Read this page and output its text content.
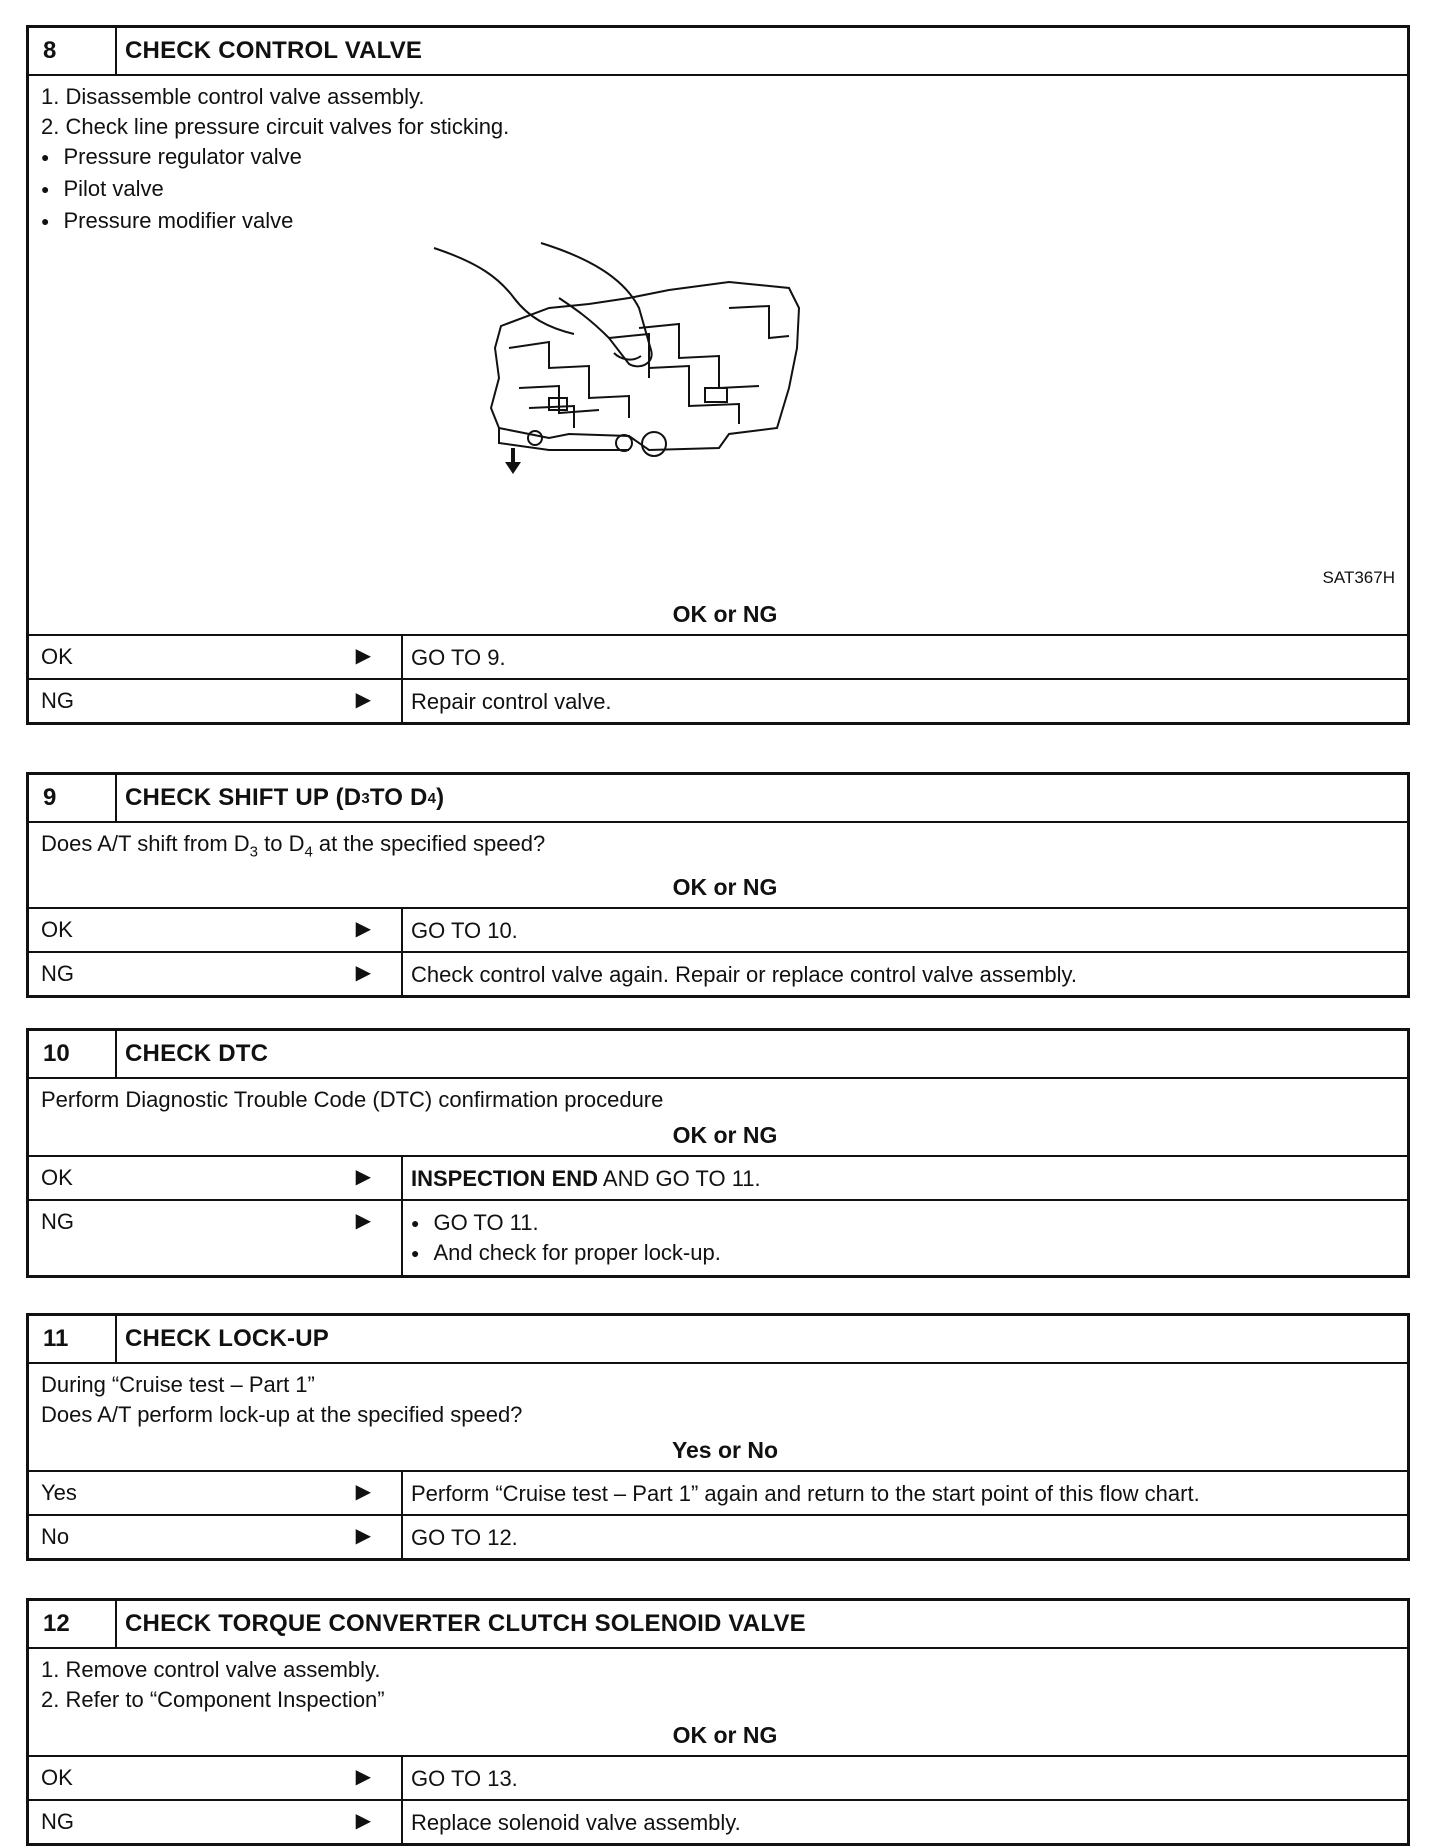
8	CHECK CONTROL VALVE
1. Disassemble control valve assembly.
2. Check line pressure circuit valves for sticking.
● Pressure regulator valve
● Pilot valve
● Pressure modifier valve
SAT367H
OK or NG
OK	▶	GO TO 9.
NG	▶	Repair control valve.
9	CHECK SHIFT UP (D 3 TO D 4 )
Does A/T shift from $D_3$ to $D_4$ at the specified speed?
OK or NG
OK	▶	GO TO 10.
NG	▶	Check control valve again. Repair or replace control valve assembly.
10	CHECK DTC
Perform Diagnostic Trouble Code (DTC) confirmation procedure
OK or NG
OK	▶	INSPECTION END AND GO TO 11.
NG	▶
●	GO TO 11.
● And check for proper lock-up.
11	CHECK LOCK-UP
During “Cruise test – Part 1”
Does A/T perform lock-up at the specified speed?
Yes or No
Yes	▶	Perform “Cruise test – Part 1” again and return to the start point of this flow chart.
No	▶	GO TO 12.
12	CHECK TORQUE CONVERTER CLUTCH SOLENOID VALVE
1. Remove control valve assembly.
2. Refer to “Component Inspection”
OK or NG
OK	▶	GO TO 13.
NG	▶	Replace solenoid valve assembly.
